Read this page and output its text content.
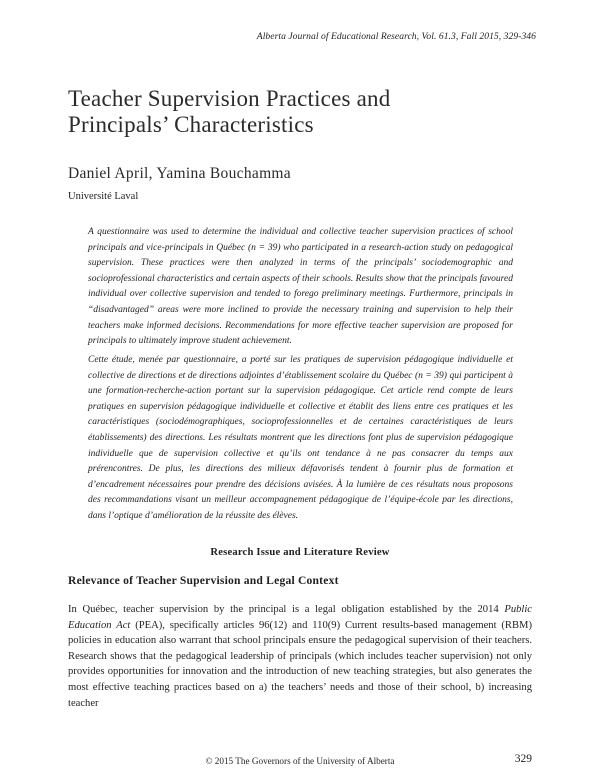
Alberta Journal of Educational Research, Vol. 61.3, Fall 2015, 329-346
Teacher Supervision Practices and
Principals’ Characteristics
Daniel April, Yamina Bouchamma
Université Laval

A questionnaire was used to determine the individual and collective teacher supervision practices of school principals and vice-principals in Québec (n = 39) who participated in a research-action study on pedagogical supervision. These practices were then analyzed in terms of the principals’ sociodemographic and socioprofessional characteristics and certain aspects of their schools. Results show that the principals favoured individual over collective supervision and tended to forego preliminary meetings. Furthermore, principals in “disadvantaged” areas were more inclined to provide the necessary training and supervision to help their teachers make informed decisions. Recommendations for more effective teacher supervision are proposed for principals to ultimately improve student achievement.

Cette étude, menée par questionnaire, a porté sur les pratiques de supervision pédagogique individuelle et collective de directions et de directions adjointes d’établissement scolaire du Québec (n = 39) qui participent à une formation-recherche-action portant sur la supervision pédagogique. Cet article rend compte de leurs pratiques en supervision pédagogique individuelle et collective et établit des liens entre ces pratiques et les caractéristiques (sociodémographiques, socioprofessionnelles et de certaines caractéristiques de leurs établissements) des directions. Les résultats montrent que les directions font plus de supervision pédagogique individuelle que de supervision collective et qu’ils ont tendance à ne pas consacrer du temps aux prérencontres. De plus, les directions des milieux défavorisés tendent à fournir plus de formation et d’encadrement nécessaires pour prendre des décisions avisées. À la lumière de ces résultats nous proposons des recommandations visant un meilleur accompagnement pédagogique de l’équipe-école par les directions, dans l’optique d’amélioration de la réussite des élèves.

Research Issue and Literature Review
Relevance of Teacher Supervision and Legal Context

In Québec, teacher supervision by the principal is a legal obligation established by the 2014 Public Education Act (PEA), specifically articles 96(12) and 110(9) Current results-based management (RBM) policies in education also warrant that school principals ensure the pedagogical supervision of their teachers. Research shows that the pedagogical leadership of principals (which includes teacher supervision) not only provides opportunities for innovation and the introduction of new teaching strategies, but also generates the most effective teaching practices based on a) the teachers’ needs and those of their school, b) increasing teacher

© 2015 The Governors of the University of Alberta	329
